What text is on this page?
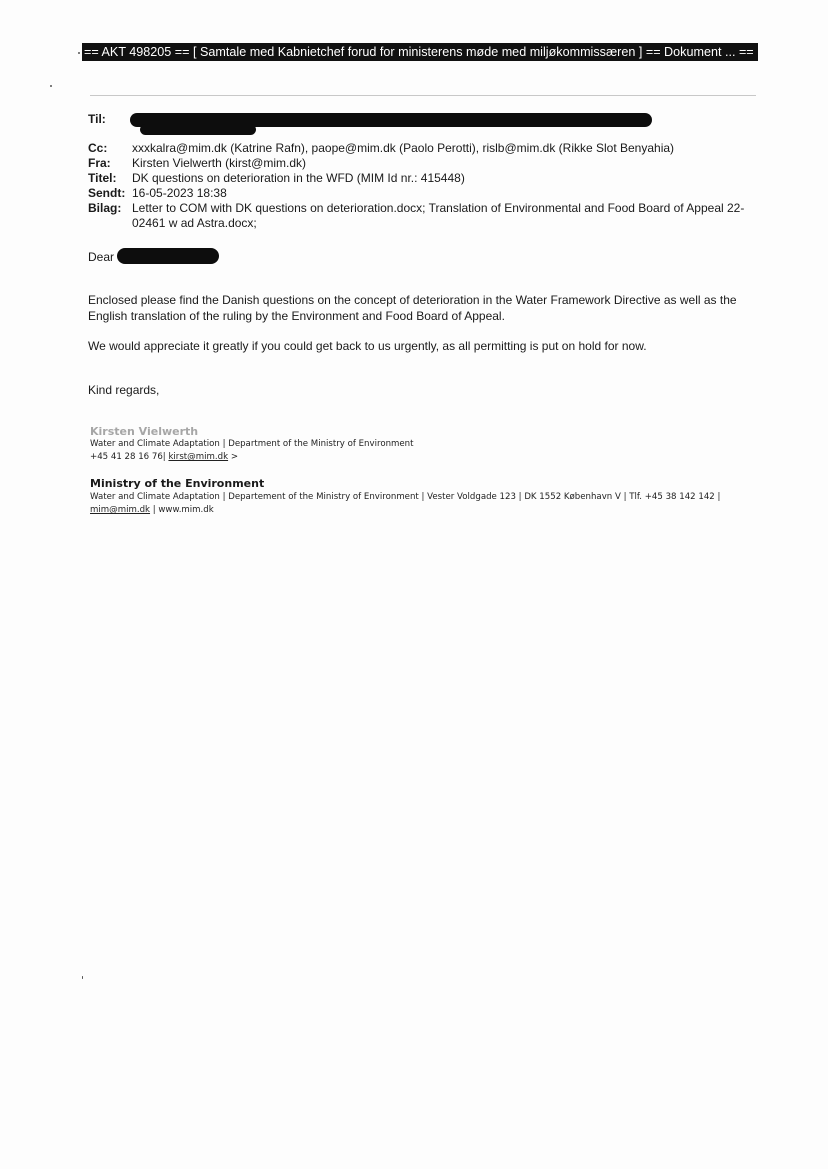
== AKT 498205 == [ Samtale med Kabnietchef forud for ministerens møde med miljøkommissæren ] == Dokument ... ==
Til:
Cc: xxxkalra@mim.dk (Katrine Rafn), paope@mim.dk (Paolo Perotti), rislb@mim.dk (Rikke Slot Benyahia)
Fra: Kirsten Vielwerth (kirst@mim.dk)
Titel: DK questions on deterioration in the WFD (MIM Id nr.: 415448)
Sendt: 16-05-2023 18:38
Bilag: Letter to COM with DK questions on deterioration.docx; Translation of Environmental and Food Board of Appeal 22-02461 w ad Astra.docx;
Dear
Enclosed please find the Danish questions on the concept of deterioration in the Water Framework Directive as well as the English translation of the ruling by the Environment and Food Board of Appeal.
We would appreciate it greatly if you could get back to us urgently, as all permitting is put on hold for now.
Kind regards,
Kirsten Vielwerth
Water and Climate Adaptation | Department of the Ministry of Environment
+45 41 28 16 76| kirst@mim.dk >
Ministry of the Environment
Water and Climate Adaptation | Departement of the Ministry of Environment | Vester Voldgade 123 | DK 1552 København V | Tlf. +45 38 142 142 |
mim@mim.dk | www.mim.dk
